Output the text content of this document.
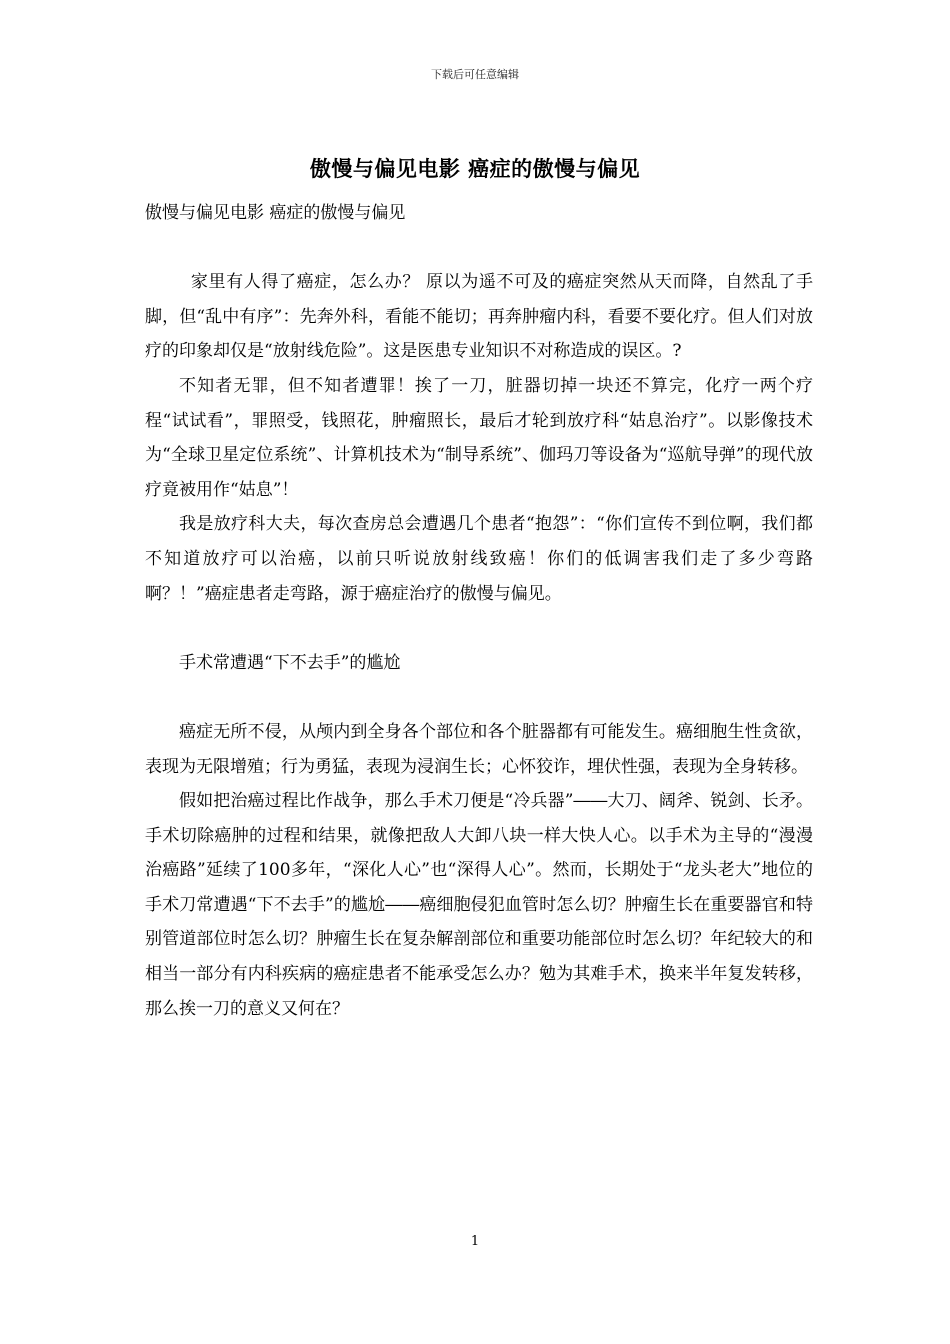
下载后可任意编辑
傲慢与偏见电影 癌症的傲慢与偏见

傲慢与偏见电影 癌症的傲慢与偏见

家里有人得了癌症，怎么办？ 原以为遥不可及的癌症突然从天而降，自然乱了手脚，但“乱中有序”：先奔外科，看能不能切；再奔肿瘤内科，看要不要化疗。但人们对放疗的印象却仅是“放射线危险”。这是医患专业知识不对称造成的误区。?

不知者无罪，但不知者遭罪！挨了一刀，脏器切掉一块还不算完，化疗一两个疗程“试试看”，罪照受，钱照花，肿瘤照长，最后才轮到放疗科“姑息治疗”。以影像技术为“全球卫星定位系统”、计算机技术为“制导系统”、伽玛刀等设备为“巡航导弹”的现代放疗竟被用作“姑息”！

我是放疗科大夫，每次查房总会遭遇几个患者“抱怨”：“你们宣传不到位啊，我们都不知道放疗可以治癌，以前只听说放射线致癌！你们的低调害我们走了多少弯路啊？！”癌症患者走弯路，源于癌症治疗的傲慢与偏见。

手术常遭遇“下不去手”的尴尬

癌症无所不侵，从颅内到全身各个部位和各个脏器都有可能发生。癌细胞生性贪欲，表现为无限增殖；行为勇猛，表现为浸润生长；心怀狡诈，埋伏性强，表现为全身转移。

假如把治癌过程比作战争，那么手术刀便是“冷兵器”――大刀、阔斧、锐剑、长矛。手术切除癌肿的过程和结果，就像把敌人大卸八块一样大快人心。以手术为主导的“漫漫治癌路”延续了100多年，“深化人心”也“深得人心”。然而，长期处于“龙头老大”地位的手术刀常遭遇“下不去手”的尴尬――癌细胞侵犯血管时怎么切？肿瘤生长在重要器官和特别管道部位时怎么切？肿瘤生长在复杂解剖部位和重要功能部位时怎么切？年纪较大的和相当一部分有内科疾病的癌症患者不能承受怎么办？勉为其难手术，换来半年复发转移，那么挨一刀的意义又何在？

1
